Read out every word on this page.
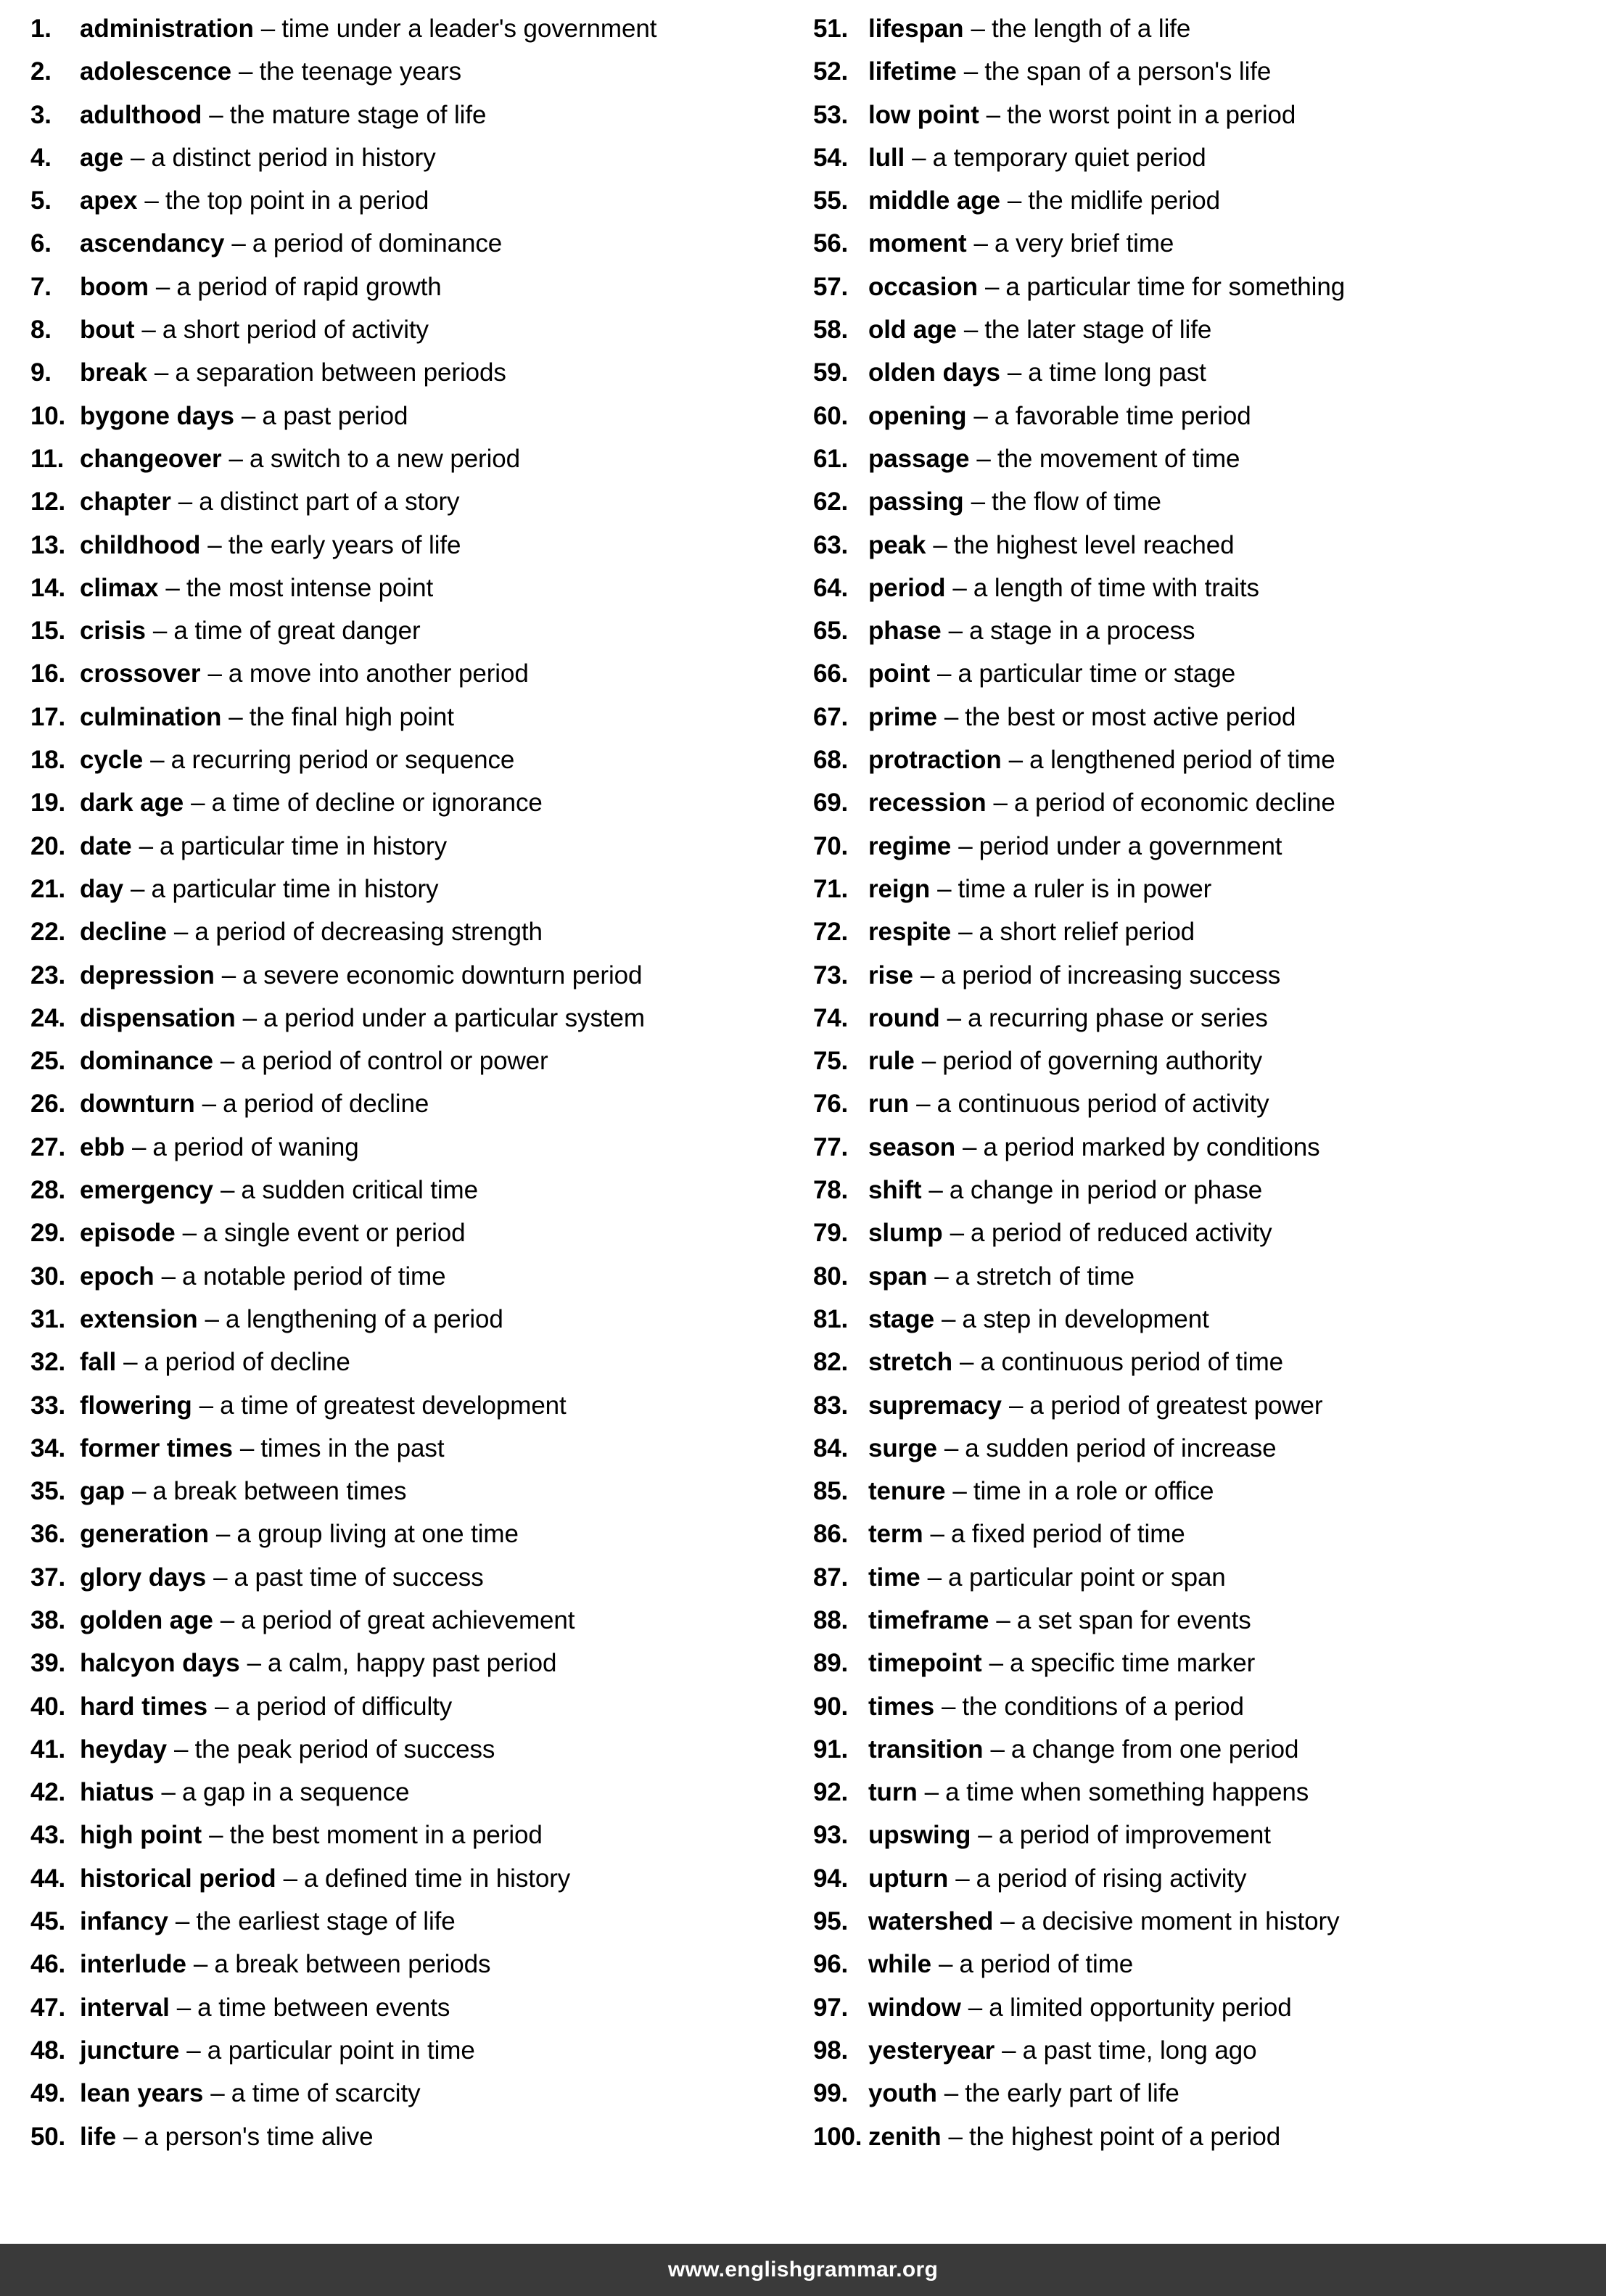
1.	administration – time under a leader's government
2.	adolescence – the teenage years
3.	adulthood – the mature stage of life
4.	age – a distinct period in history
5.	apex – the top point in a period
6.	ascendancy – a period of dominance
7.	boom – a period of rapid growth
8.	bout – a short period of activity
9.	break – a separation between periods
10. bygone days – a past period
11. changeover – a switch to a new period
12. chapter – a distinct part of a story
13. childhood – the early years of life
14. climax – the most intense point
15. crisis – a time of great danger
16. crossover – a move into another period
17. culmination – the final high point
18. cycle – a recurring period or sequence
19. dark age – a time of decline or ignorance
20. date – a particular time in history
21. day – a particular time in history
22. decline – a period of decreasing strength
23. depression – a severe economic downturn period
24. dispensation – a period under a particular system
25. dominance – a period of control or power
26. downturn – a period of decline
27. ebb – a period of waning
28. emergency – a sudden critical time
29. episode – a single event or period
30. epoch – a notable period of time
31. extension – a lengthening of a period
32. fall – a period of decline
33. flowering – a time of greatest development
34. former times – times in the past
35. gap – a break between times
36. generation – a group living at one time
37. glory days – a past time of success
38. golden age – a period of great achievement
39. halcyon days – a calm, happy past period
40. hard times – a period of difficulty
41. heyday – the peak period of success
42. hiatus – a gap in a sequence
43. high point – the best moment in a period
44. historical period – a defined time in history
45. infancy – the earliest stage of life
46. interlude – a break between periods
47. interval – a time between events
48. juncture – a particular point in time
49. lean years – a time of scarcity
50. life – a person's time alive
51. lifespan – the length of a life
52. lifetime – the span of a person's life
53. low point – the worst point in a period
54. lull – a temporary quiet period
55. middle age – the midlife period
56. moment – a very brief time
57. occasion – a particular time for something
58. old age – the later stage of life
59. olden days – a time long past
60. opening – a favorable time period
61. passage – the movement of time
62. passing – the flow of time
63. peak – the highest level reached
64. period – a length of time with traits
65. phase – a stage in a process
66. point – a particular time or stage
67. prime – the best or most active period
68. protraction – a lengthened period of time
69. recession – a period of economic decline
70. regime – period under a government
71. reign – time a ruler is in power
72. respite – a short relief period
73. rise – a period of increasing success
74. round – a recurring phase or series
75. rule – period of governing authority
76. run – a continuous period of activity
77. season – a period marked by conditions
78. shift – a change in period or phase
79. slump – a period of reduced activity
80. span – a stretch of time
81. stage – a step in development
82. stretch – a continuous period of time
83. supremacy – a period of greatest power
84. surge – a sudden period of increase
85. tenure – time in a role or office
86. term – a fixed period of time
87. time – a particular point or span
88. timeframe – a set span for events
89. timepoint – a specific time marker
90. times – the conditions of a period
91. transition – a change from one period
92. turn – a time when something happens
93. upswing – a period of improvement
94. upturn – a period of rising activity
95. watershed – a decisive moment in history
96. while – a period of time
97. window – a limited opportunity period
98. yesteryear – a past time, long ago
99. youth – the early part of life
100. zenith – the highest point of a period
www.englishgrammar.org
